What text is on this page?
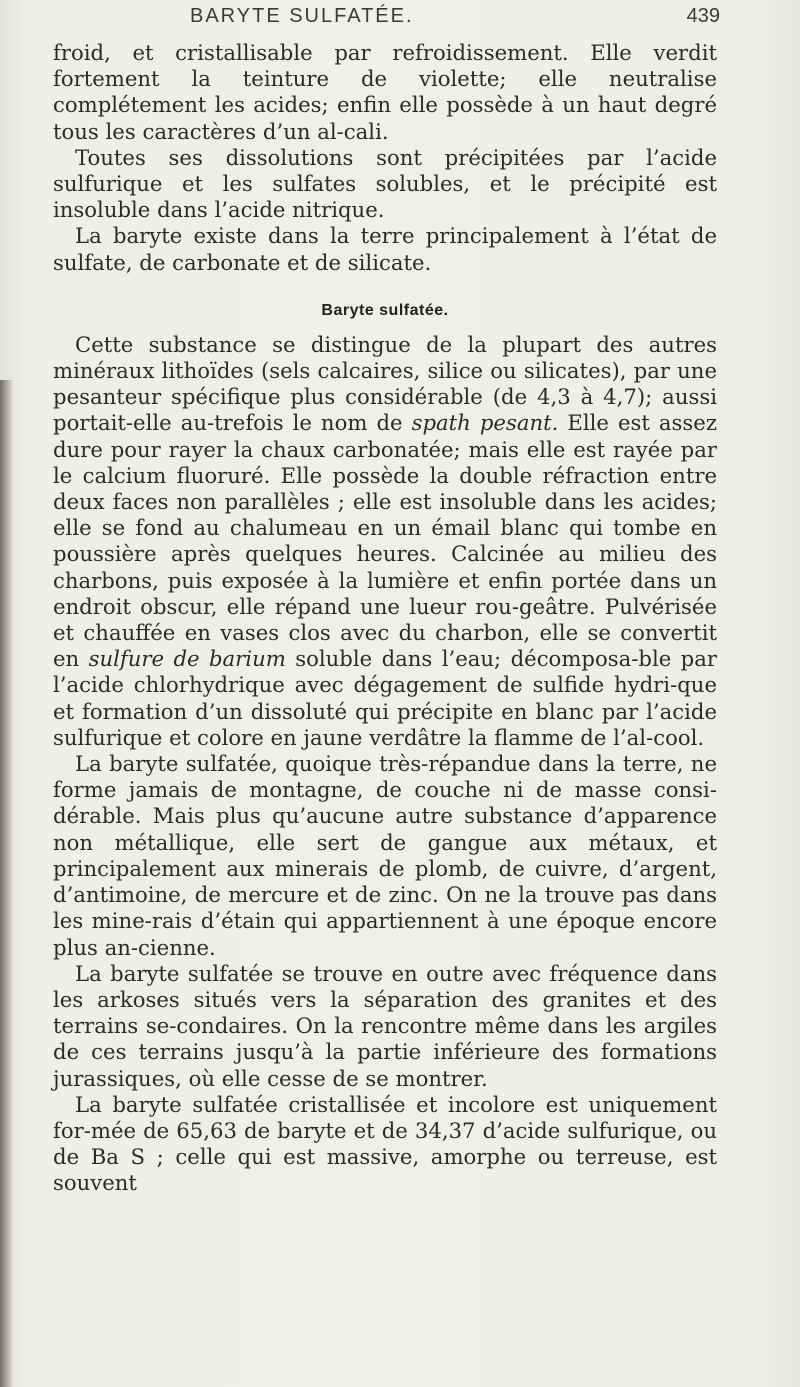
BARYTE SULFATÉE.	439

froid, et cristallisable par refroidissement. Elle verdit fortement la teinture de violette; elle neutralise complétement les acides; enfin elle possède à un haut degré tous les caractères d’un al-cali.

Toutes ses dissolutions sont précipitées par l’acide sulfurique et les sulfates solubles, et le précipité est insoluble dans l’acide nitrique.

La baryte existe dans la terre principalement à l’état de sulfate, de carbonate et de silicate.

Baryte sulfatée.

Cette substance se distingue de la plupart des autres minéraux lithoïdes (sels calcaires, silice ou silicates), par une pesanteur spécifique plus considérable (de 4,3 à 4,7); aussi portait-elle au-trefois le nom de spath pesant. Elle est assez dure pour rayer la chaux carbonatée; mais elle est rayée par le calcium fluoruré. Elle possède la double réfraction entre deux faces non parallèles ; elle est insoluble dans les acides; elle se fond au chalumeau en un émail blanc qui tombe en poussière après quelques heures. Calcinée au milieu des charbons, puis exposée à la lumière et enfin portée dans un endroit obscur, elle répand une lueur rou-geâtre. Pulvérisée et chauffée en vases clos avec du charbon, elle se convertit en sulfure de barium soluble dans l’eau; décomposa-ble par l’acide chlorhydrique avec dégagement de sulfide hydri-que et formation d’un dissoluté qui précipite en blanc par l’acide sulfurique et colore en jaune verdâtre la flamme de l’al-cool.

La baryte sulfatée, quoique très-répandue dans la terre, ne forme jamais de montagne, de couche ni de masse consi-dérable. Mais plus qu’aucune autre substance d’apparence non métallique, elle sert de gangue aux métaux, et principalement aux minerais de plomb, de cuivre, d’argent, d’antimoine, de mercure et de zinc. On ne la trouve pas dans les mine-rais d’étain qui appartiennent à une époque encore plus an-cienne.

La baryte sulfatée se trouve en outre avec fréquence dans les arkoses situés vers la séparation des granites et des terrains se-condaires. On la rencontre même dans les argiles de ces terrains jusqu’à la partie inférieure des formations jurassiques, où elle cesse de se montrer.

La baryte sulfatée cristallisée et incolore est uniquement for-mée de 65,63 de baryte et de 34,37 d’acide sulfurique, ou de Ba S ; celle qui est massive, amorphe ou terreuse, est souvent
